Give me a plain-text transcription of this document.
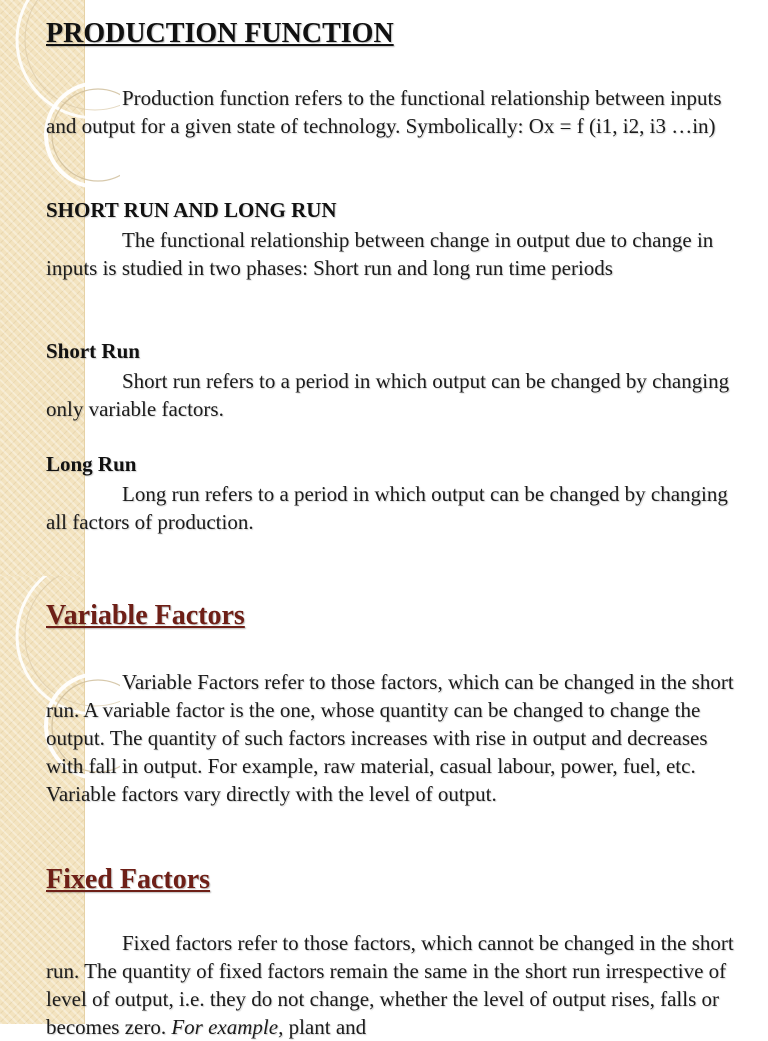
PRODUCTION FUNCTION

Production function refers to the functional relationship between inputs and output for a given state of technology. Symbolically: Ox = f (i1, i2, i3 …in)

SHORT RUN AND LONG RUN

The functional relationship between change in output due to change in inputs is studied in two phases: Short run and long run time periods

Short Run

Short run refers to a period in which output can be changed by changing only variable factors.

Long Run

Long run refers to a period in which output can be changed by changing all factors of production.

Variable Factors

Variable Factors refer to those factors, which can be changed in the short run. A variable factor is the one, whose quantity can be changed to change the output. The quantity of such factors increases with rise in output and decreases with fall in output. For example, raw material, casual labour, power, fuel, etc. Variable factors vary directly with the level of output.

Fixed Factors

Fixed factors refer to those factors, which cannot be changed in the short run. The quantity of fixed factors remain the same in the short run irrespective of level of output, i.e. they do not change, whether the level of output rises, falls or becomes zero. For example, plant and
